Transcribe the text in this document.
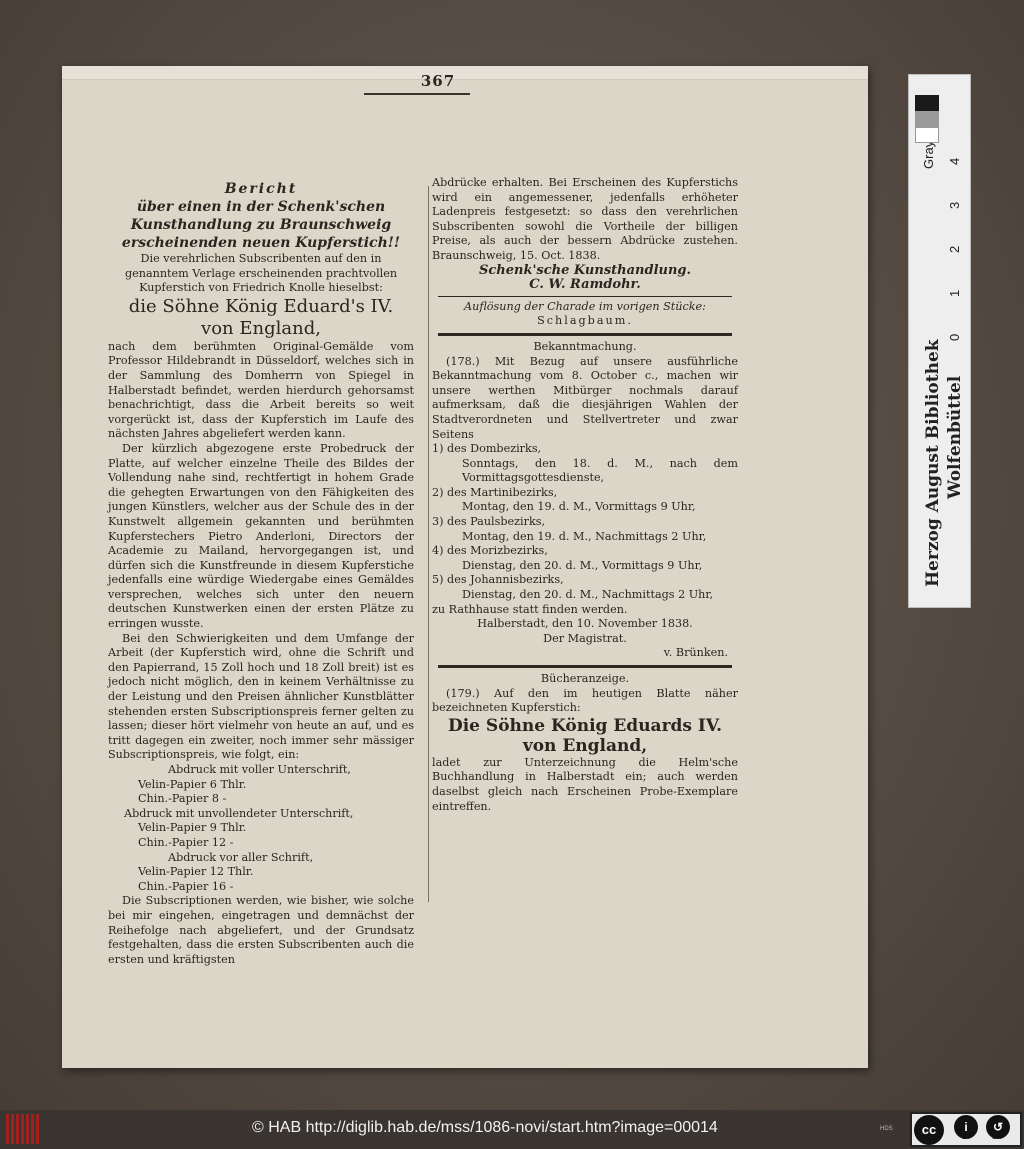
367
Bericht
über einen in der Schenk'schen
Kunsthandlung zu Braunschweig
erscheinenden neuen Kupferstich!!
Die verehrlichen Subscribenten auf den in
genanntem Verlage erscheinenden prachtvollen
Kupferstich von Friedrich Knolle hieselbst:
die Söhne König Eduard's IV.
von England,

nach dem berühmten Original-Gemälde vom Professor Hildebrandt in Düsseldorf, welches sich in der Sammlung des Domherrn von Spiegel in Halberstadt befindet, werden hierdurch gehorsamst benachrichtigt, dass die Arbeit bereits so weit vorgerückt ist, dass der Kupferstich im Laufe des nächsten Jahres abgeliefert werden kann.

Der kürzlich abgezogene erste Probedruck der Platte, auf welcher einzelne Theile des Bildes der Vollendung nahe sind, rechtfertigt in hohem Grade die gehegten Erwartungen von den Fähigkeiten des jungen Künstlers, welcher aus der Schule des in der Kunstwelt allgemein gekannten und berühmten Kupferstechers Pietro Anderloni, Directors der Academie zu Mailand, hervorgegangen ist, und dürfen sich die Kunstfreunde in diesem Kupferstiche jedenfalls eine würdige Wiedergabe eines Gemäldes versprechen, welches sich unter den neuern deutschen Kunstwerken einen der ersten Plätze zu erringen wusste.

Bei den Schwierigkeiten und dem Umfange der Arbeit (der Kupferstich wird, ohne die Schrift und den Papierrand, 15 Zoll hoch und 18 Zoll breit) ist es jedoch nicht möglich, den in keinem Verhältnisse zu der Leistung und den Preisen ähnlicher Kunstblätter stehenden ersten Subscriptionspreis ferner gelten zu lassen; dieser hört vielmehr von heute an auf, und es tritt dagegen ein zweiter, noch immer sehr mässiger Subscriptionspreis, wie folgt, ein:

Abdruck mit voller Unterschrift,
Velin-Papier 6 Thlr.
Chin.-Papier 8 -
Abdruck mit unvollendeter Unterschrift,
Velin-Papier 9 Thlr.
Chin.-Papier 12 -
Abdruck vor aller Schrift,
Velin-Papier 12 Thlr.
Chin.-Papier 16 -

Die Subscriptionen werden, wie bisher, wie solche bei mir eingehen, eingetragen und demnächst der Reihefolge nach abgeliefert, und der Grundsatz festgehalten, dass die ersten Subscribenten auch die ersten und kräftigsten

Abdrücke erhalten. Bei Erscheinen des Kupferstichs wird ein angemessener, jedenfalls erhöheter Ladenpreis festgesetzt: so dass den verehrlichen Subscribenten sowohl die Vortheile der billigen Preise, als auch der bessern Abdrücke zustehen. Braunschweig, 15. Oct. 1838.

Schenk'sche Kunsthandlung.
C. W. Ramdohr.
Auflösung der Charade im vorigen Stücke:
Schlagbaum.
Bekanntmachung.

(178.) Mit Bezug auf unsere ausführliche Bekanntmachung vom 8. October c., machen wir unsere werthen Mitbürger nochmals darauf aufmerksam, daß die diesjährigen Wahlen der Stadtverordneten und Stellvertreter und zwar Seitens

1) des Dombezirks,
Sonntags, den 18. d. M., nach dem Vormittagsgottesdienste,
2) des Martinibezirks,
Montag, den 19. d. M., Vormittags 9 Uhr,
3) des Paulsbezirks,
Montag, den 19. d. M., Nachmittags 2 Uhr,
4) des Morizbezirks,
Dienstag, den 20. d. M., Vormittags 9 Uhr,
5) des Johannisbezirks,
Dienstag, den 20. d. M., Nachmittags 2 Uhr,
zu Rathhause statt finden werden.
Halberstadt, den 10. November 1838.
Der Magistrat.
v. Brünken.
Bücheranzeige.

(179.) Auf den im heutigen Blatte näher bezeichneten Kupferstich:

Die Söhne König Eduards IV.
von England,

ladet zur Unterzeichnung die Helm'sche Buchhandlung in Halberstadt ein; auch werden daselbst gleich nach Erscheinen Probe-Exemplare eintreffen.

Herzog August Bibliothek Wolfenbüttel
0
1
2
3
4
© HAB http://diglib.hab.de/mss/1086-novi/start.htm?image=00014	HDS	cc	i	↺
BY	SA
